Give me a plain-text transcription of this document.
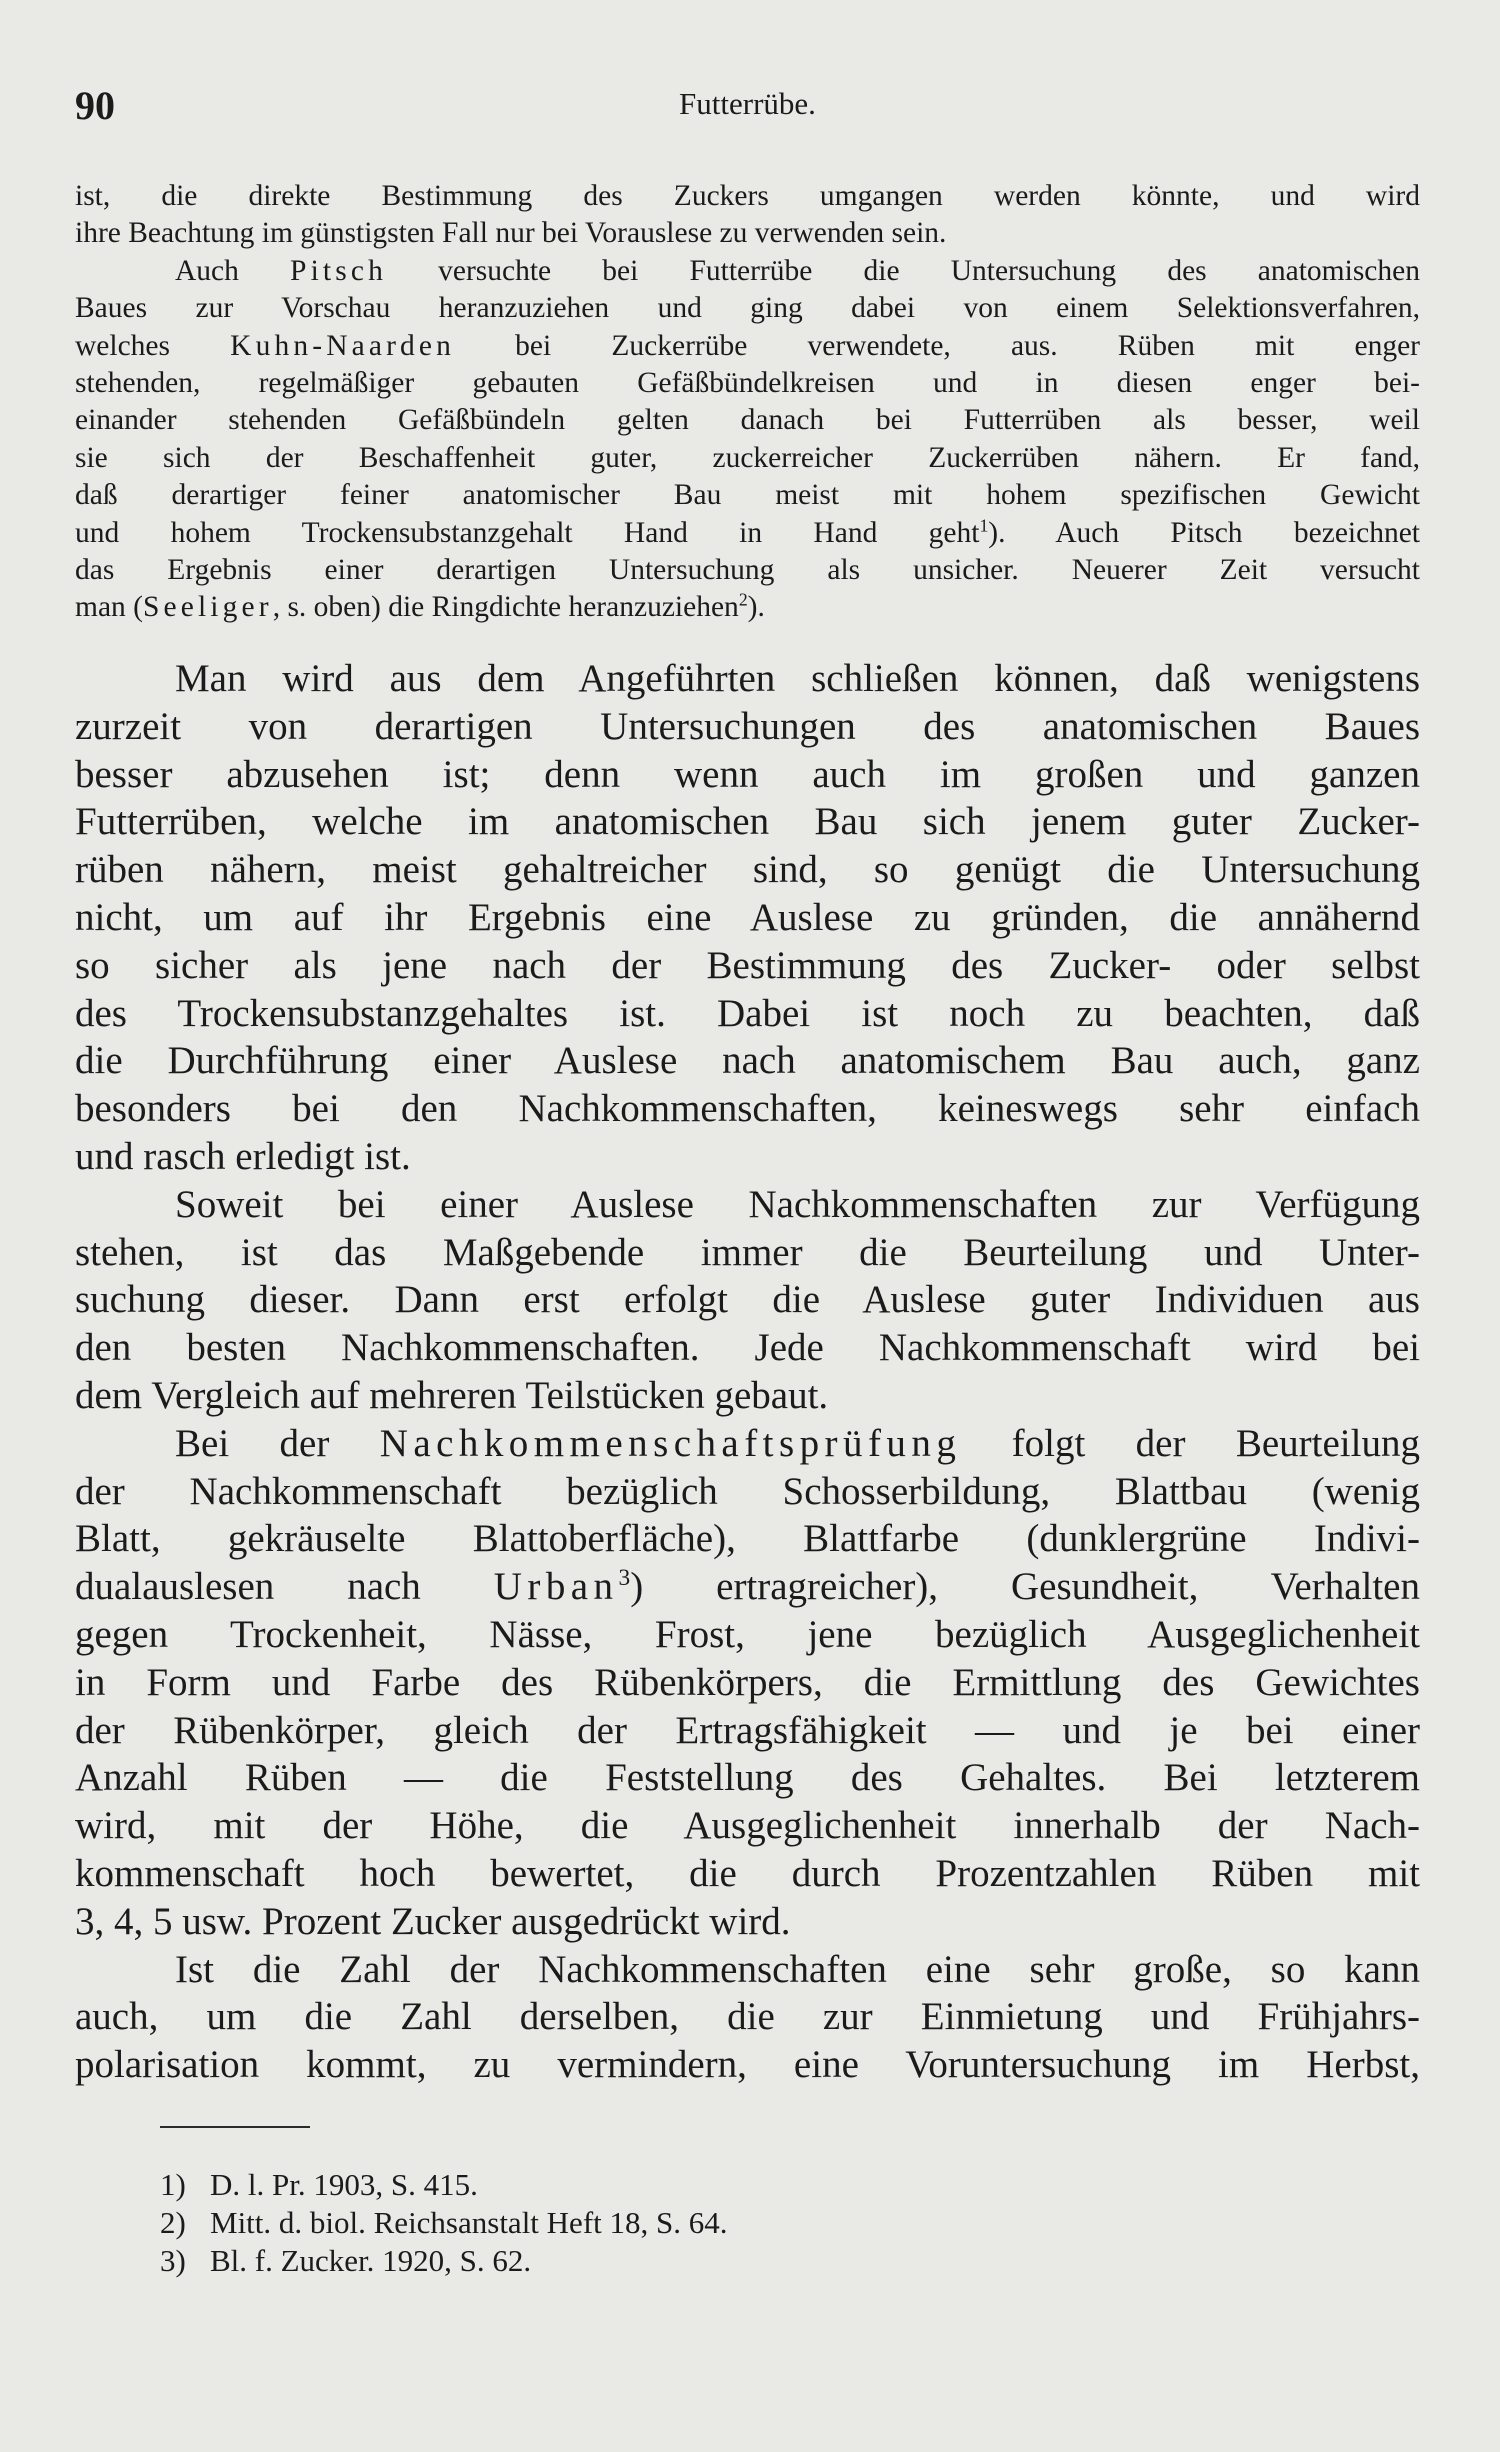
90	Futterrübe.
ist, die direkte Bestimmung des Zuckers umgangen werden könnte, und wird
ihre Beachtung im günstigsten Fall nur bei Vorauslese zu verwenden sein.
Auch Pitsch versuchte bei Futterrübe die Untersuchung des anatomischen
Baues zur Vorschau heranzuziehen und ging dabei von einem Selektionsverfahren,
welches Kuhn-Naarden bei Zuckerrübe verwendete, aus. Rüben mit enger
stehenden, regelmäßiger gebauten Gefäßbündelkreisen und in diesen enger bei-
einander stehenden Gefäßbündeln gelten danach bei Futterrüben als besser, weil
sie sich der Beschaffenheit guter, zuckerreicher Zuckerrüben nähern. Er fand,
daß derartiger feiner anatomischer Bau meist mit hohem spezifischen Gewicht
und hohem Trockensubstanzgehalt Hand in Hand geht$^1$). Auch Pitsch bezeichnet
das Ergebnis einer derartigen Untersuchung als unsicher. Neuerer Zeit versucht
man (Seeliger, s. oben) die Ringdichte heranzuziehen$^2$).
Man wird aus dem Angeführten schließen können, daß wenigstens
zurzeit von derartigen Untersuchungen des anatomischen Baues
besser abzusehen ist; denn wenn auch im großen und ganzen
Futterrüben, welche im anatomischen Bau sich jenem guter Zucker-
rüben nähern, meist gehaltreicher sind, so genügt die Untersuchung
nicht, um auf ihr Ergebnis eine Auslese zu gründen, die annähernd
so sicher als jene nach der Bestimmung des Zucker- oder selbst
des Trockensubstanzgehaltes ist. Dabei ist noch zu beachten, daß
die Durchführung einer Auslese nach anatomischem Bau auch, ganz
besonders bei den Nachkommenschaften, keineswegs sehr einfach
und rasch erledigt ist.
Soweit bei einer Auslese Nachkommenschaften zur Verfügung
stehen, ist das Maßgebende immer die Beurteilung und Unter-
suchung dieser. Dann erst erfolgt die Auslese guter Individuen aus
den besten Nachkommenschaften. Jede Nachkommenschaft wird bei
dem Vergleich auf mehreren Teilstücken gebaut.
Bei der Nachkommenschaftsprüfung folgt der Beurteilung
der Nachkommenschaft bezüglich Schosserbildung, Blattbau (wenig
Blatt, gekräuselte Blattoberfläche), Blattfarbe (dunklergrüne Indivi-
dualauslesen nach Urban$^3$) ertragreicher), Gesundheit, Verhalten
gegen Trockenheit, Nässe, Frost, jene bezüglich Ausgeglichenheit
in Form und Farbe des Rübenkörpers, die Ermittlung des Gewichtes
der Rübenkörper, gleich der Ertragsfähigkeit — und je bei einer
Anzahl Rüben — die Feststellung des Gehaltes. Bei letzterem
wird, mit der Höhe, die Ausgeglichenheit innerhalb der Nach-
kommenschaft hoch bewertet, die durch Prozentzahlen Rüben mit
3, 4, 5 usw. Prozent Zucker ausgedrückt wird.
Ist die Zahl der Nachkommenschaften eine sehr große, so kann
auch, um die Zahl derselben, die zur Einmietung und Frühjahrs-
polarisation kommt, zu vermindern, eine Voruntersuchung im Herbst,
1) D. l. Pr. 1903, S. 415.
2) Mitt. d. biol. Reichsanstalt Heft 18, S. 64.
3) Bl. f. Zucker. 1920, S. 62.
